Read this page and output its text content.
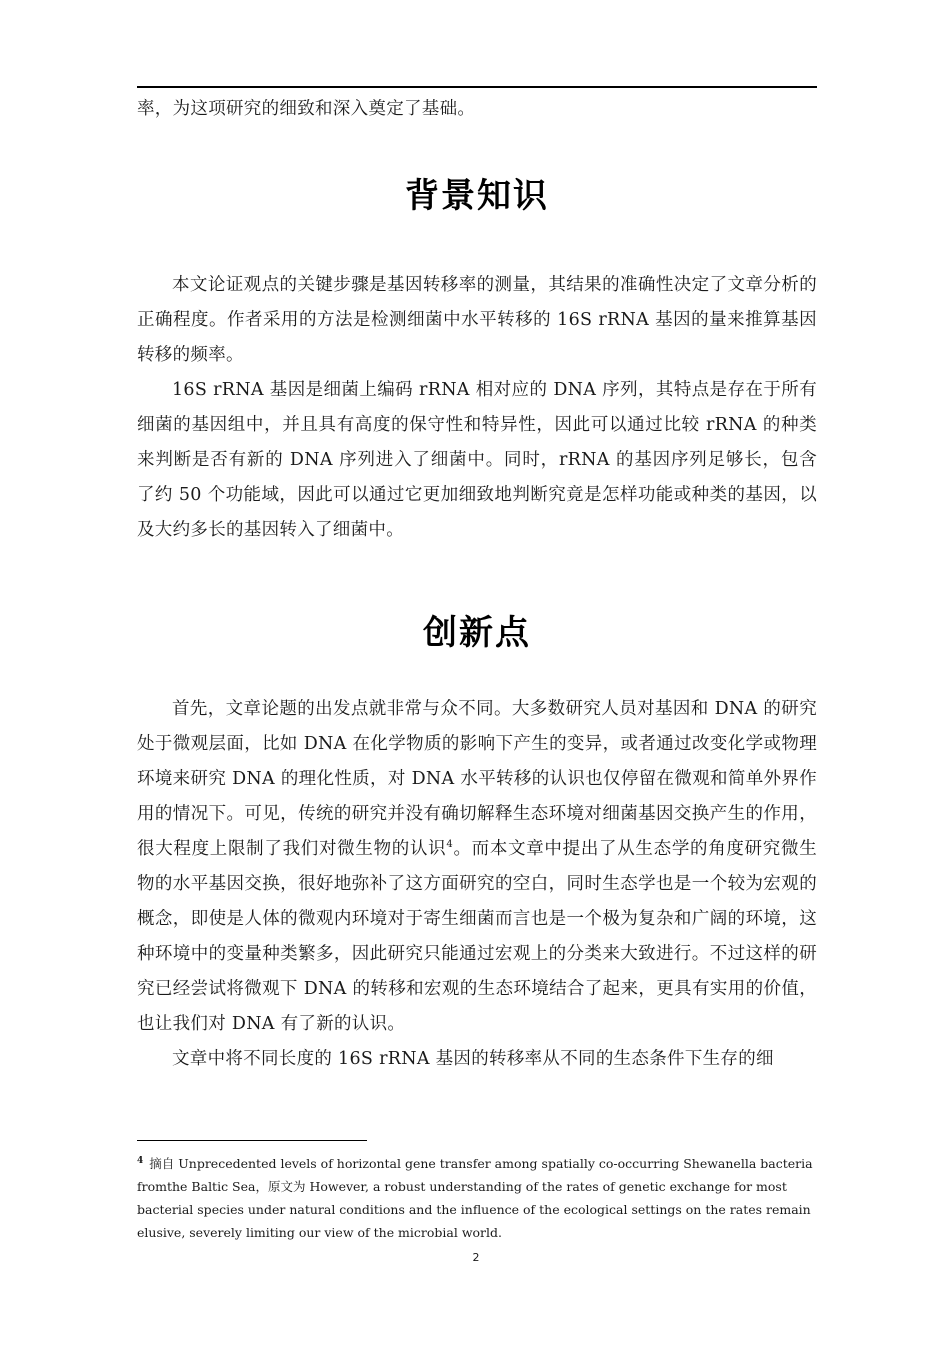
率，为这项研究的细致和深入奠定了基础。

背景知识

本文论证观点的关键步骤是基因转移率的测量，其结果的准确性决定了文章分析的正确程度。作者采用的方法是检测细菌中水平转移的 16S rRNA 基因的量来推算基因转移的频率。

16S rRNA 基因是细菌上编码 rRNA 相对应的 DNA 序列，其特点是存在于所有细菌的基因组中，并且具有高度的保守性和特异性，因此可以通过比较 rRNA 的种类来判断是否有新的 DNA 序列进入了细菌中。同时，rRNA 的基因序列足够长，包含了约 50 个功能域，因此可以通过它更加细致地判断究竟是怎样功能或种类的基因，以及大约多长的基因转入了细菌中。

创新点

首先，文章论题的出发点就非常与众不同。大多数研究人员对基因和 DNA 的研究处于微观层面，比如 DNA 在化学物质的影响下产生的变异，或者通过改变化学或物理环境来研究 DNA 的理化性质，对 DNA 水平转移的认识也仅停留在微观和简单外界作用的情况下。可见，传统的研究并没有确切解释生态环境对细菌基因交换产生的作用，很大程度上限制了我们对微生物的认识$^4$。而本文章中提出了从生态学的角度研究微生物的水平基因交换，很好地弥补了这方面研究的空白，同时生态学也是一个较为宏观的概念，即使是人体的微观内环境对于寄生细菌而言也是一个极为复杂和广阔的环境，这种环境中的变量种类繁多，因此研究只能通过宏观上的分类来大致进行。不过这样的研究已经尝试将微观下 DNA 的转移和宏观的生态环境结合了起来，更具有实用的价值，也让我们对 DNA 有了新的认识。

文章中将不同长度的 16S rRNA 基因的转移率从不同的生态条件下生存的细

$^4$ 摘自 Unprecedented levels of horizontal gene transfer among spatially co-occurring Shewanella bacteria fromthe Baltic Sea，原文为 However, a robust understanding of the rates of genetic exchange for most bacterial species under natural conditions and the influence of the ecological settings on the rates remain elusive, severely limiting our view of the microbial world.
2
